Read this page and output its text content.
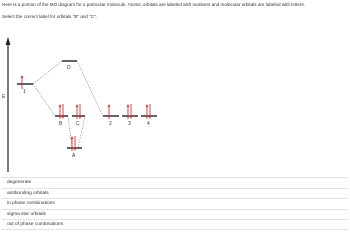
Here is a portion of the MO diagram for a particular molecule. Atomic orbitals are labeled with numbers and molecular orbitals are labeled with letters.
Select the correct label for orbitals "B" and "C".
E
1
D
B	C
A
2	3	4
degenerate
antibonding orbitals
in phase combinations
sigma star orbitals
out of phase combinations
